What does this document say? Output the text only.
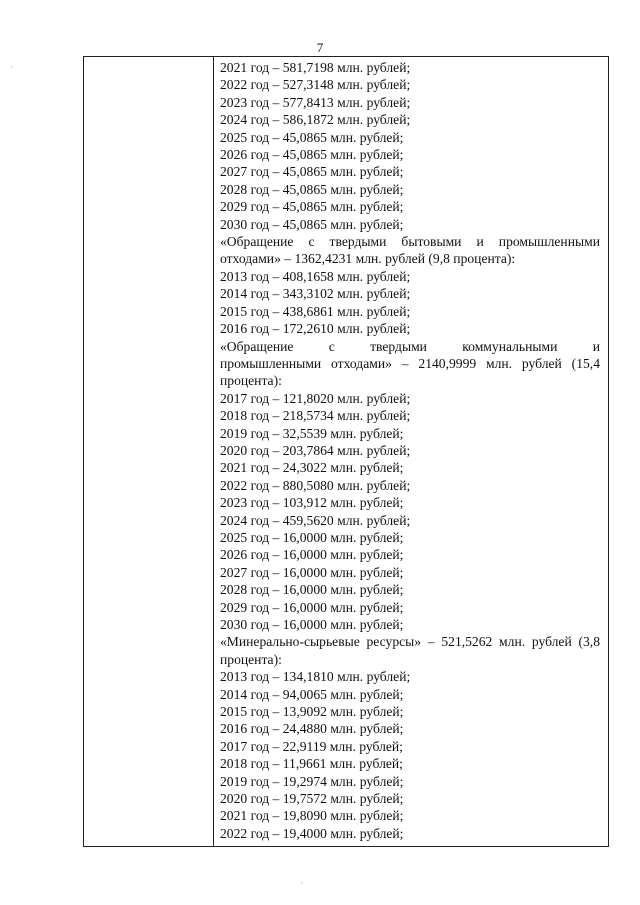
7
2021 год – 581,7198 млн. рублей;
2022 год – 527,3148 млн. рублей;
2023 год – 577,8413 млн. рублей;
2024 год – 586,1872 млн. рублей;
2025 год – 45,0865 млн. рублей;
2026 год – 45,0865 млн. рублей;
2027 год – 45,0865 млн. рублей;
2028 год – 45,0865 млн. рублей;
2029 год – 45,0865 млн. рублей;
2030 год – 45,0865 млн. рублей;
«Обращение с твердыми бытовыми и промышленными отходами» – 1362,4231 млн. рублей (9,8 процента):
2013 год – 408,1658 млн. рублей;
2014 год – 343,3102 млн. рублей;
2015 год – 438,6861 млн. рублей;
2016 год – 172,2610 млн. рублей;
«Обращение	с	твердыми	коммунальными	и
промышленными отходами» – 2140,9999 млн. рублей (15,4 процента):
2017 год – 121,8020 млн. рублей;
2018 год – 218,5734 млн. рублей;
2019 год – 32,5539 млн. рублей;
2020 год – 203,7864 млн. рублей;
2021 год – 24,3022 млн. рублей;
2022 год – 880,5080 млн. рублей;
2023 год – 103,912 млн. рублей;
2024 год – 459,5620 млн. рублей;
2025 год – 16,0000 млн. рублей;
2026 год – 16,0000 млн. рублей;
2027 год – 16,0000 млн. рублей;
2028 год – 16,0000 млн. рублей;
2029 год – 16,0000 млн. рублей;
2030 год – 16,0000 млн. рублей;
«Минерально-сырьевые ресурсы» – 521,5262 млн. рублей (3,8 процента):
2013 год – 134,1810 млн. рублей;
2014 год – 94,0065 млн. рублей;
2015 год – 13,9092 млн. рублей;
2016 год – 24,4880 млн. рублей;
2017 год – 22,9119 млн. рублей;
2018 год – 11,9661 млн. рублей;
2019 год – 19,2974 млн. рублей;
2020 год – 19,7572 млн. рублей;
2021 год – 19,8090 млн. рублей;
2022 год – 19,4000 млн. рублей;
·
·
